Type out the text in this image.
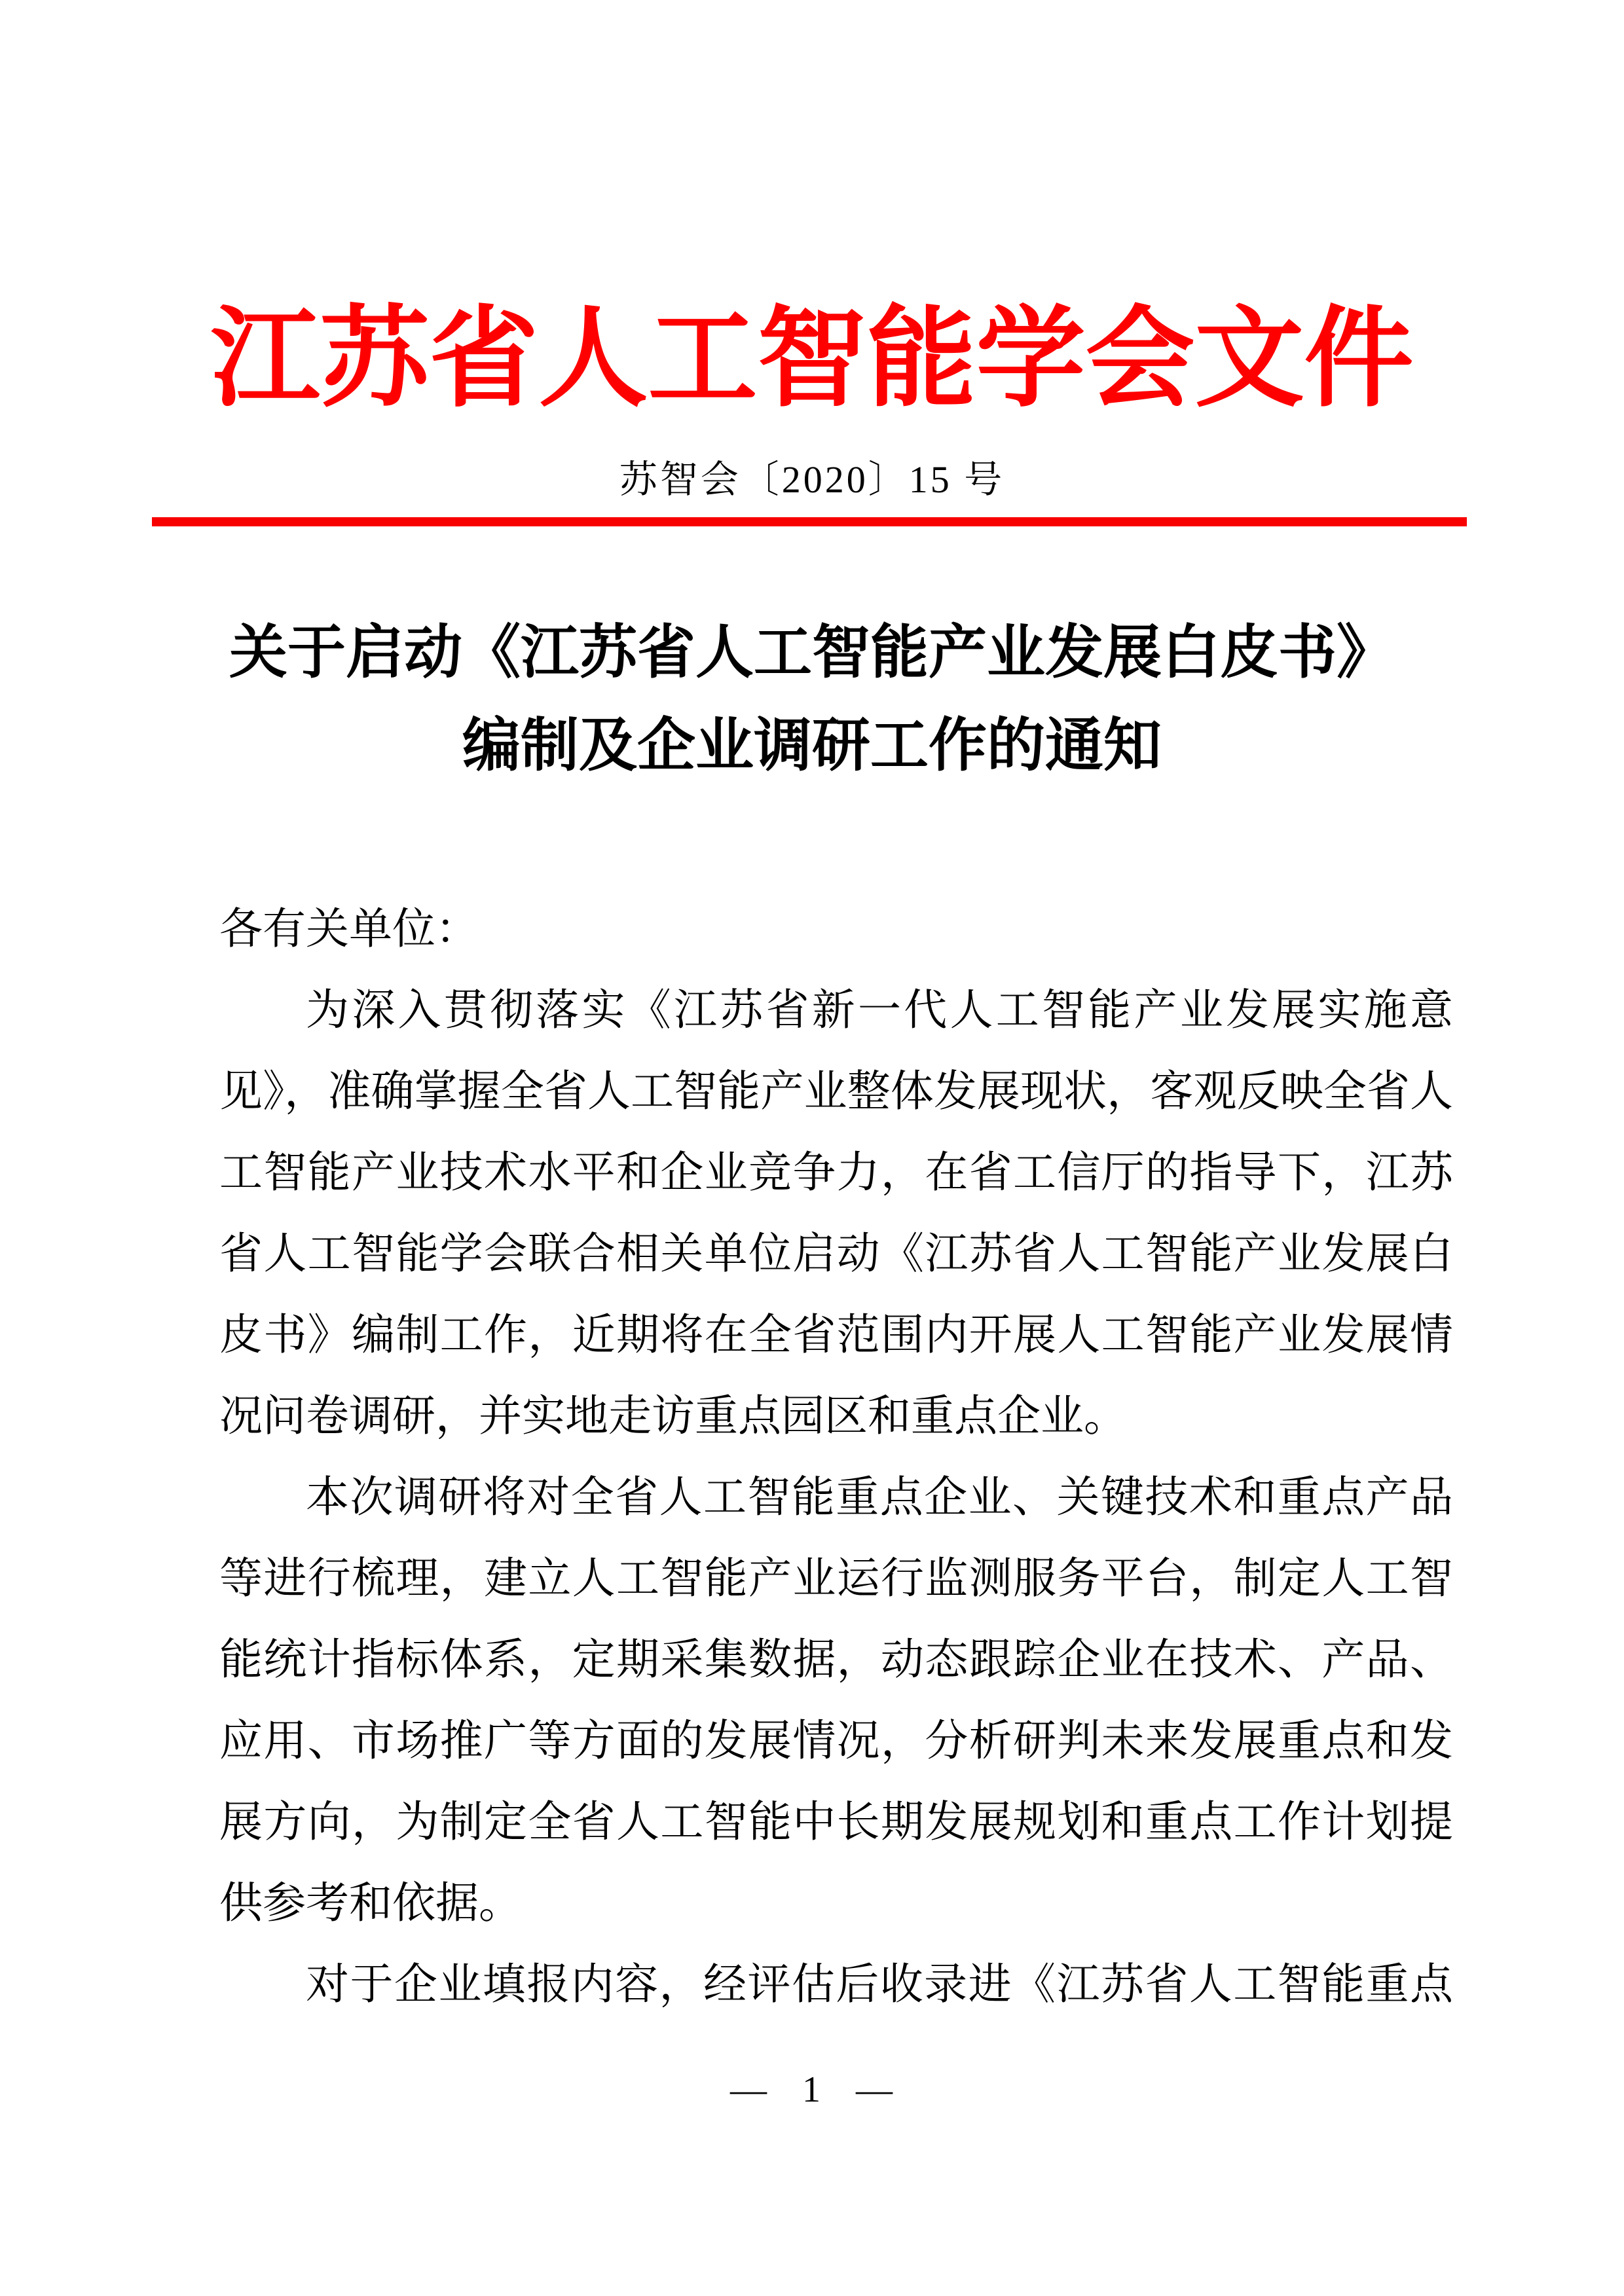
江苏省人工智能学会文件
苏智会〔2020〕15 号
关于启动《江苏省人工智能产业发展白皮书》
编制及企业调研工作的通知
各有关单位：
为深入贯彻落实《江苏省新一代人工智能产业发展实施意
见》，准确掌握全省人工智能产业整体发展现状，客观反映全省人
工智能产业技术水平和企业竞争力，在省工信厅的指导下，江苏
省人工智能学会联合相关单位启动《江苏省人工智能产业发展白
皮书》编制工作，近期将在全省范围内开展人工智能产业发展情
况问卷调研，并实地走访重点园区和重点企业。
本次调研将对全省人工智能重点企业、关键技术和重点产品
等进行梳理，建立人工智能产业运行监测服务平台，制定人工智
能统计指标体系，定期采集数据，动态跟踪企业在技术、产品、
应用、市场推广等方面的发展情况，分析研判未来发展重点和发
展方向，为制定全省人工智能中长期发展规划和重点工作计划提
供参考和依据。
对于企业填报内容，经评估后收录进《江苏省人工智能重点
— 1 —
